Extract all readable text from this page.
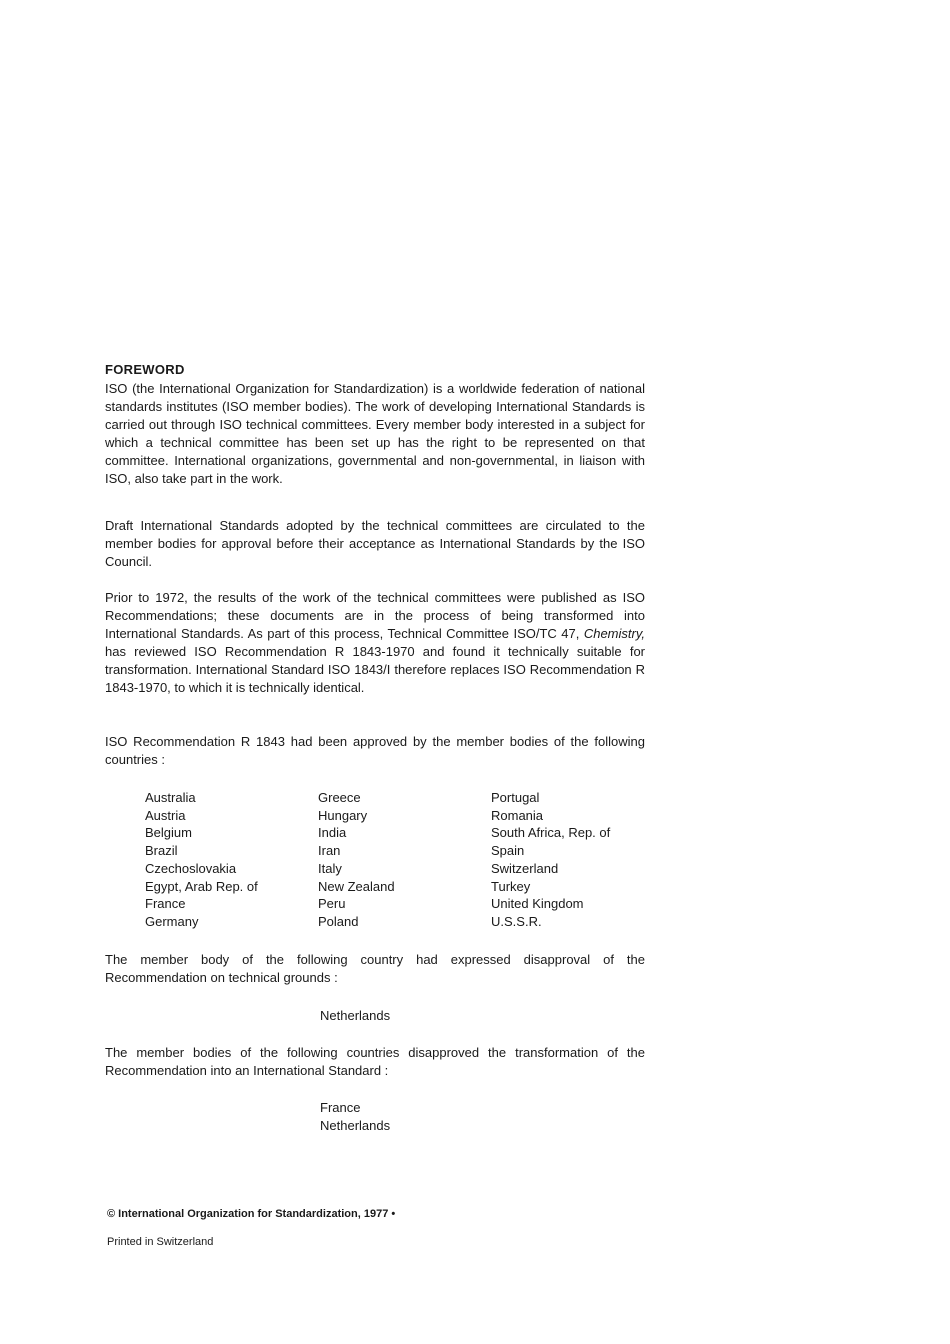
FOREWORD

ISO (the International Organization for Standardization) is a worldwide federation of national standards institutes (ISO member bodies). The work of developing International Standards is carried out through ISO technical committees. Every member body interested in a subject for which a technical committee has been set up has the right to be represented on that committee. International organizations, governmental and non-governmental, in liaison with ISO, also take part in the work.

Draft International Standards adopted by the technical committees are circulated to the member bodies for approval before their acceptance as International Standards by the ISO Council.

Prior to 1972, the results of the work of the technical committees were published as ISO Recommendations; these documents are in the process of being transformed into International Standards. As part of this process, Technical Committee ISO/TC 47, Chemistry, has reviewed ISO Recommendation R 1843-1970 and found it technically suitable for transformation. International Standard ISO 1843/I therefore replaces ISO Recommendation R 1843-1970, to which it is technically identical.

ISO Recommendation R 1843 had been approved by the member bodies of the following countries :

Australia
Austria
Belgium
Brazil
Czechoslovakia
Egypt, Arab Rep. of
France
Germany
Greece
Hungary
India
Iran
Italy
New Zealand
Peru
Poland
Portugal
Romania
South Africa, Rep. of
Spain
Switzerland
Turkey
United Kingdom
U.S.S.R.

The member body of the following country had expressed disapproval of the Recommendation on technical grounds :

Netherlands

The member bodies of the following countries disapproved the transformation of the Recommendation into an International Standard :

France
Netherlands
© International Organization for Standardization, 1977 •
Printed in Switzerland
